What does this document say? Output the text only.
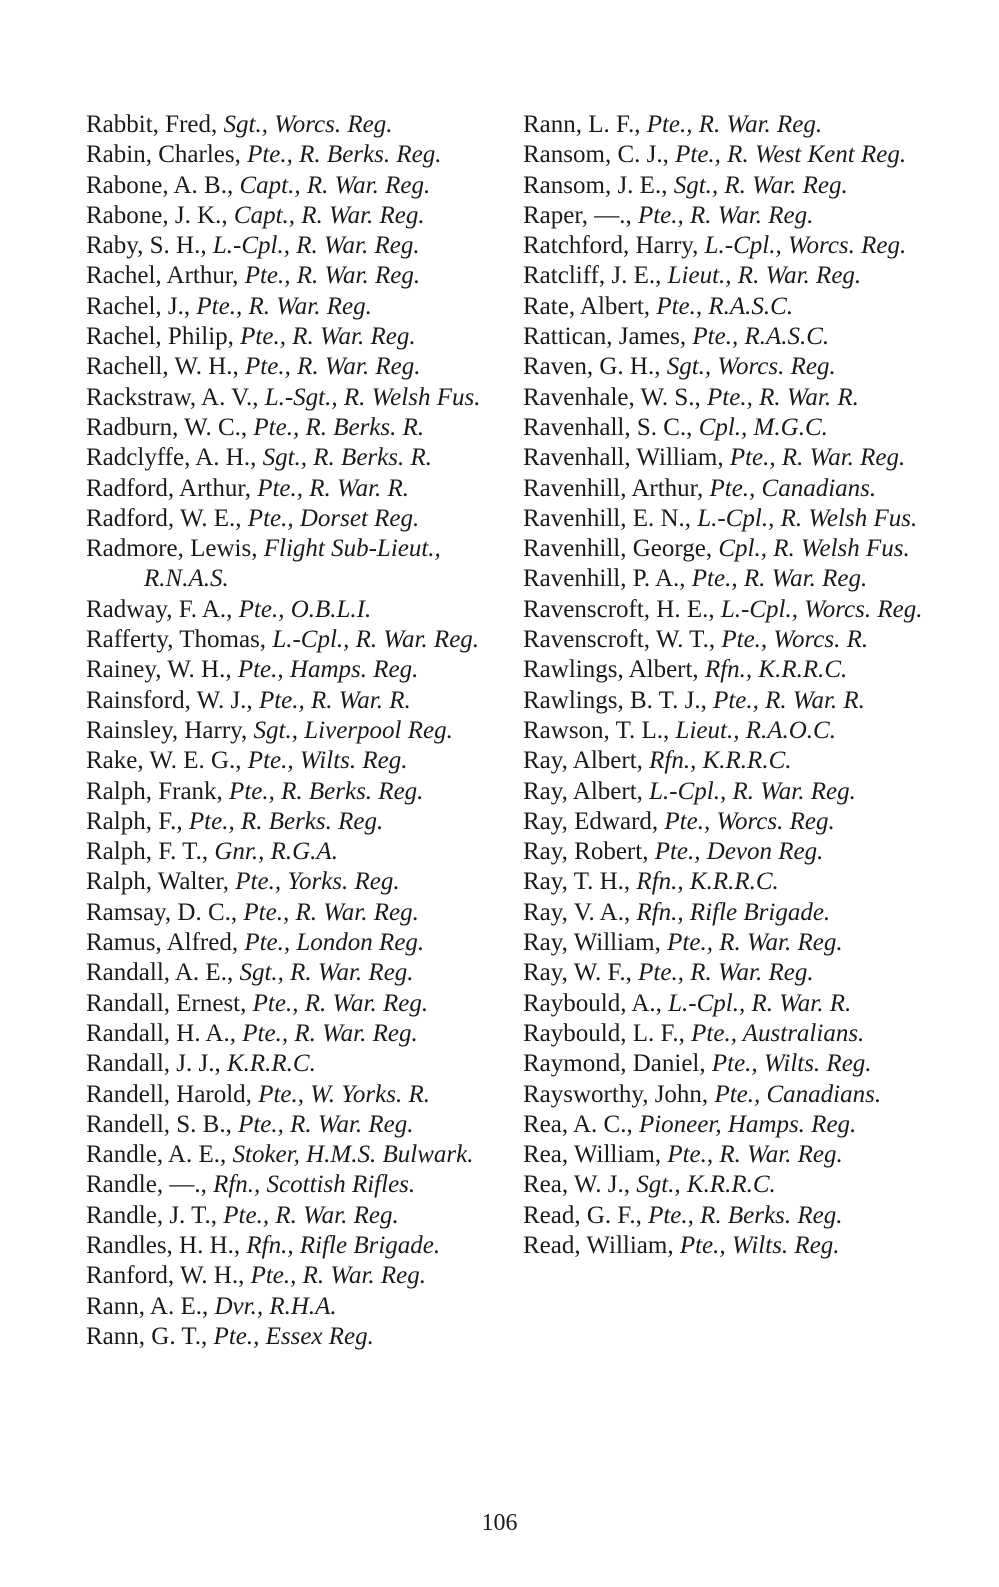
Rabbit, Fred, Sgt., Worcs. Reg.
Rabin, Charles, Pte., R. Berks. Reg.
Rabone, A. B., Capt., R. War. Reg.
Rabone, J. K., Capt., R. War. Reg.
Raby, S. H., L.-Cpl., R. War. Reg.
Rachel, Arthur, Pte., R. War. Reg.
Rachel, J., Pte., R. War. Reg.
Rachel, Philip, Pte., R. War. Reg.
Rachell, W. H., Pte., R. War. Reg.
Rackstraw, A. V., L.-Sgt., R. Welsh Fus.
Radburn, W. C., Pte., R. Berks. R.
Radclyffe, A. H., Sgt., R. Berks. R.
Radford, Arthur, Pte., R. War. R.
Radford, W. E., Pte., Dorset Reg.
Radmore, Lewis, Flight Sub-Lieut., R.N.A.S.
Radway, F. A., Pte., O.B.L.I.
Rafferty, Thomas, L.-Cpl., R. War. Reg.
Rainey, W. H., Pte., Hamps. Reg.
Rainsford, W. J., Pte., R. War. R.
Rainsley, Harry, Sgt., Liverpool Reg.
Rake, W. E. G., Pte., Wilts. Reg.
Ralph, Frank, Pte., R. Berks. Reg.
Ralph, F., Pte., R. Berks. Reg.
Ralph, F. T., Gnr., R.G.A.
Ralph, Walter, Pte., Yorks. Reg.
Ramsay, D. C., Pte., R. War. Reg.
Ramus, Alfred, Pte., London Reg.
Randall, A. E., Sgt., R. War. Reg.
Randall, Ernest, Pte., R. War. Reg.
Randall, H. A., Pte., R. War. Reg.
Randall, J. J., K.R.R.C.
Randell, Harold, Pte., W. Yorks. R.
Randell, S. B., Pte., R. War. Reg.
Randle, A. E., Stoker, H.M.S. Bulwark.
Randle, —., Rfn., Scottish Rifles.
Randle, J. T., Pte., R. War. Reg.
Randles, H. H., Rfn., Rifle Brigade.
Ranford, W. H., Pte., R. War. Reg.
Rann, A. E., Dvr., R.H.A.
Rann, G. T., Pte., Essex Reg.
Rann, L. F., Pte., R. War. Reg.
Ransom, C. J., Pte., R. West Kent Reg.
Ransom, J. E., Sgt., R. War. Reg.
Raper, —., Pte., R. War. Reg.
Ratchford, Harry, L.-Cpl., Worcs. Reg.
Ratcliff, J. E., Lieut., R. War. Reg.
Rate, Albert, Pte., R.A.S.C.
Rattican, James, Pte., R.A.S.C.
Raven, G. H., Sgt., Worcs. Reg.
Ravenhale, W. S., Pte., R. War. R.
Ravenhall, S. C., Cpl., M.G.C.
Ravenhall, William, Pte., R. War. Reg.
Ravenhill, Arthur, Pte., Canadians.
Ravenhill, E. N., L.-Cpl., R. Welsh Fus.
Ravenhill, George, Cpl., R. Welsh Fus.
Ravenhill, P. A., Pte., R. War. Reg.
Ravenscroft, H. E., L.-Cpl., Worcs. Reg.
Ravenscroft, W. T., Pte., Worcs. R.
Rawlings, Albert, Rfn., K.R.R.C.
Rawlings, B. T. J., Pte., R. War. R.
Rawson, T. L., Lieut., R.A.O.C.
Ray, Albert, Rfn., K.R.R.C.
Ray, Albert, L.-Cpl., R. War. Reg.
Ray, Edward, Pte., Worcs. Reg.
Ray, Robert, Pte., Devon Reg.
Ray, T. H., Rfn., K.R.R.C.
Ray, V. A., Rfn., Rifle Brigade.
Ray, William, Pte., R. War. Reg.
Ray, W. F., Pte., R. War. Reg.
Raybould, A., L.-Cpl., R. War. R.
Raybould, L. F., Pte., Australians.
Raymond, Daniel, Pte., Wilts. Reg.
Raysworthy, John, Pte., Canadians.
Rea, A. C., Pioneer, Hamps. Reg.
Rea, William, Pte., R. War. Reg.
Rea, W. J., Sgt., K.R.R.C.
Read, G. F., Pte., R. Berks. Reg.
Read, William, Pte., Wilts. Reg.
106
